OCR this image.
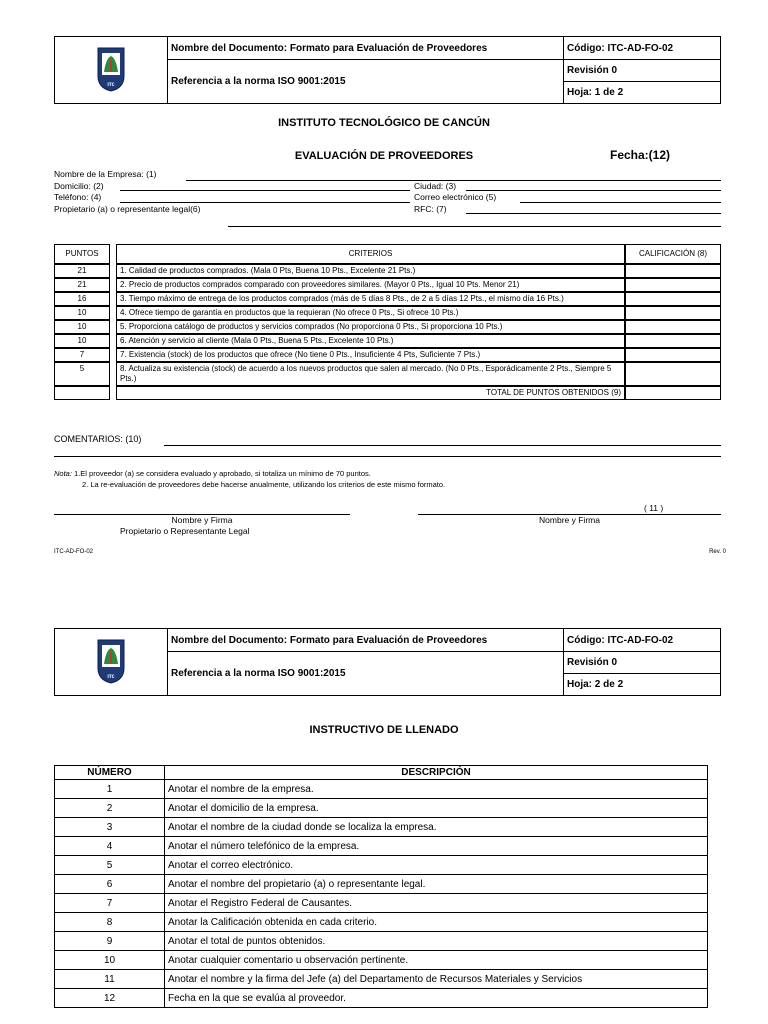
ITC	Nombre del Documento: Formato para Evaluación de Proveedores	Código: ITC-AD-FO-02
	Referencia a la norma ISO 9001:2015	Revisión 0
		Hoja: 1 de 2
INSTITUTO TECNOLÓGICO DE CANCÚN
EVALUACIÓN DE PROVEEDORES	Fecha:(12)
Nombre de la Empresa: (1)
Domicilio: (2)	Ciudad: (3)
Teléfono: (4)	Correo electrónico (5)
Propietario (a) o representante legal(6)	RFC: (7)
PUNTOS		CRITERIOS	CALIFICACIÓN (8)
21		1. Calidad de productos comprados. (Mala 0 Pts, Buena 10 Pts., Excelente 21 Pts.)	
21		2. Precio de productos comprados comparado con proveedores similares. (Mayor 0 Pts., Igual 10 Pts. Menor 21)	
16		3. Tiempo máximo de entrega de los productos comprados (más de 5 días 8 Pts., de 2 a 5 días 12 Pts., el mismo día 16 Pts.)	
10		4. Ofrece tiempo de garantía en productos que la requieran (No ofrece 0 Pts., Si ofrece 10 Pts.)	
10		5. Proporciona catálogo de productos y servicios comprados (No proporciona 0 Pts., Si proporciona 10 Pts.)	
10		6. Atención y servicio al cliente (Mala 0 Pts., Buena 5 Pts., Excelente 10 Pts.)	
7		7. Existencia (stock) de los productos que ofrece (No tiene 0 Pts., Insuficiente 4 Pts, Suficiente 7 Pts.)	
5		8. Actualiza su existencia (stock) de acuerdo a los nuevos productos que salen al mercado. (No 0 Pts., Esporádicamente 2 Pts., Siempre 5 Pts.)	
		TOTAL DE PUNTOS OBTENIDOS (9)	
COMENTARIOS: (10)
Nota: 1.El proveedor (a) se considera evaluado y aprobado, si totaliza un mínimo de 70 puntos.
2. La re-evaluación de proveedores debe hacerse anualmente, utilizando los criterios de este mismo formato.
Nombre y Firma
Propietario o Representante Legal
( 11 )
Nombre y Firma
ITC-AD-FO-02	Rev. 0
ITC	Nombre del Documento: Formato para Evaluación de Proveedores	Código: ITC-AD-FO-02
	Referencia a la norma ISO 9001:2015	Revisión 0
		Hoja: 2 de 2
INSTRUCTIVO DE LLENADO
NÚMERO	DESCRIPCIÓN
1	Anotar el nombre de la empresa.
2	Anotar el domicilio de la empresa.
3	Anotar el nombre de la ciudad donde se localiza la empresa.
4	Anotar el número telefónico de la empresa.
5	Anotar el correo electrónico.
6	Anotar el nombre del propietario (a) o representante legal.
7	Anotar el Registro Federal de Causantes.
8	Anotar la Calificación obtenida en cada criterio.
9	Anotar el total de puntos obtenidos.
10	Anotar cualquier comentario u observación pertinente.
11	Anotar el nombre y la firma del Jefe (a) del Departamento de Recursos Materiales y Servicios
12	Fecha en la que se evalúa al proveedor.
